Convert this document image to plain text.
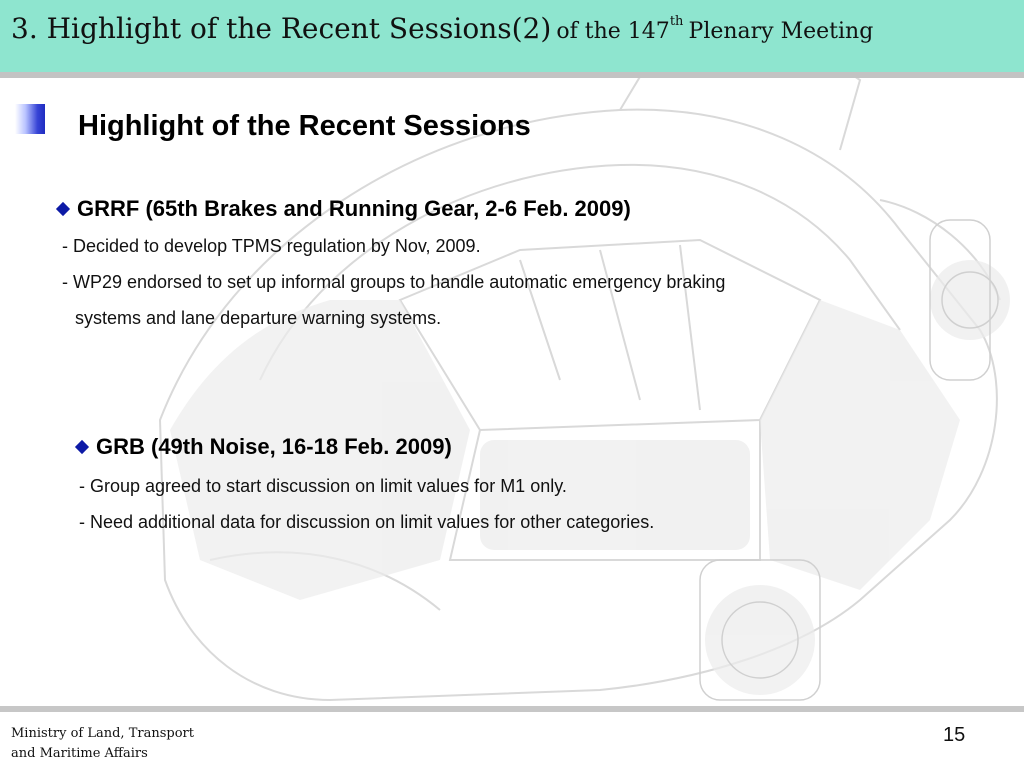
3. Highlight of the Recent Sessions(2) of the 147th Plenary Meeting
Highlight of the Recent Sessions
GRRF (65th Brakes and Running Gear, 2-6 Feb. 2009)
- Decided to develop TPMS regulation by Nov, 2009.
- WP29 endorsed to set up informal groups to handle automatic emergency braking
systems and lane departure warning systems.
GRB (49th Noise, 16-18 Feb. 2009)
- Group agreed to start discussion on limit values for M1 only.
- Need additional data for discussion on limit values for other categories.
Ministry of Land, Transport
and Maritime Affairs
15
